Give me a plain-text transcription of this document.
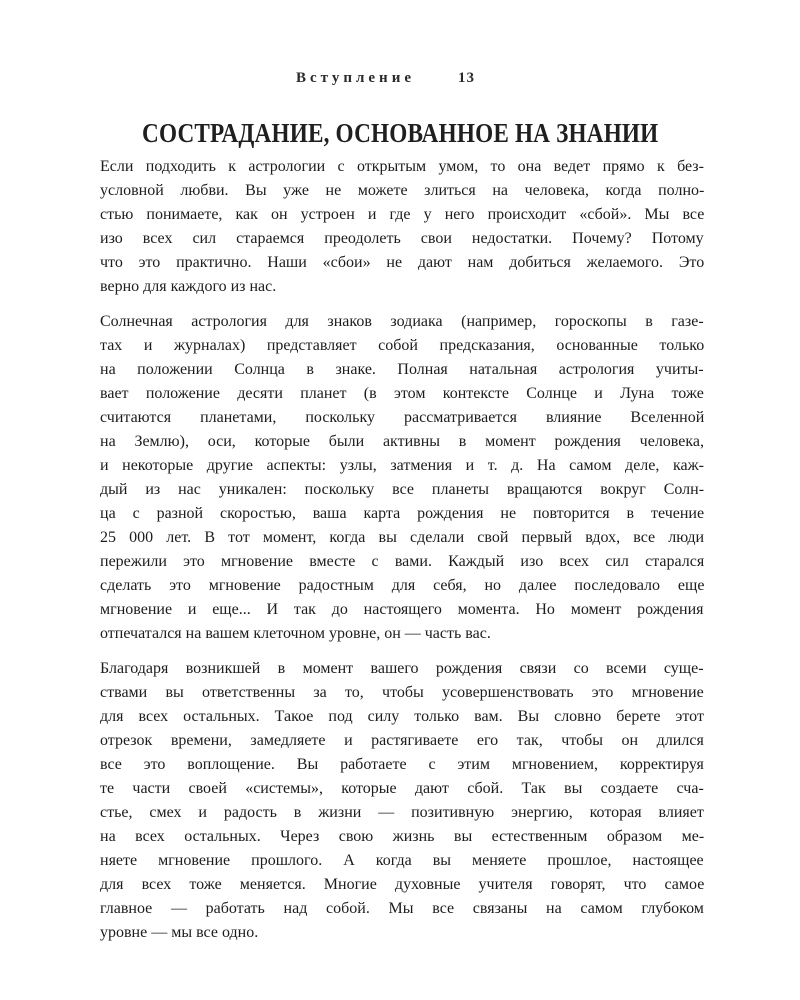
Вступление	13
СОСТРАДАНИЕ, ОСНОВАННОЕ НА ЗНАНИИ
Если подходить к астрологии с открытым умом, то она ведет прямо к без-
условной любви. Вы уже не можете злиться на человека, когда полно-
стью понимаете, как он устроен и где у него происходит «сбой». Мы все
изо всех сил стараемся преодолеть свои недостатки. Почему? Потому
что это практично. Наши «сбои» не дают нам добиться желаемого. Это
верно для каждого из нас.
Солнечная астрология для знаков зодиака (например, гороскопы в газе-
тах и журналах) представляет собой предсказания, основанные только
на положении Солнца в знаке. Полная натальная астрология учиты-
вает положение десяти планет (в этом контексте Солнце и Луна тоже
считаются планетами, поскольку рассматривается влияние Вселенной
на Землю), оси, которые были активны в момент рождения человека,
и некоторые другие аспекты: узлы, затмения и т. д. На самом деле, каж-
дый из нас уникален: поскольку все планеты вращаются вокруг Солн-
ца с разной скоростью, ваша карта рождения не повторится в течение
25 000 лет. В тот момент, когда вы сделали свой первый вдох, все люди
пережили это мгновение вместе с вами. Каждый изо всех сил старался
сделать это мгновение радостным для себя, но далее последовало еще
мгновение и еще... И так до настоящего момента. Но момент рождения
отпечатался на вашем клеточном уровне, он — часть вас.
Благодаря возникшей в момент вашего рождения связи со всеми суще-
ствами вы ответственны за то, чтобы усовершенствовать это мгновение
для всех остальных. Такое под силу только вам. Вы словно берете этот
отрезок времени, замедляете и растягиваете его так, чтобы он длился
все это воплощение. Вы работаете с этим мгновением, корректируя
те части своей «системы», которые дают сбой. Так вы создаете сча-
стье, смех и радость в жизни — позитивную энергию, которая влияет
на всех остальных. Через свою жизнь вы естественным образом ме-
няете мгновение прошлого. А когда вы меняете прошлое, настоящее
для всех тоже меняется. Многие духовные учителя говорят, что самое
главное — работать над собой. Мы все связаны на самом глубоком
уровне — мы все одно.
